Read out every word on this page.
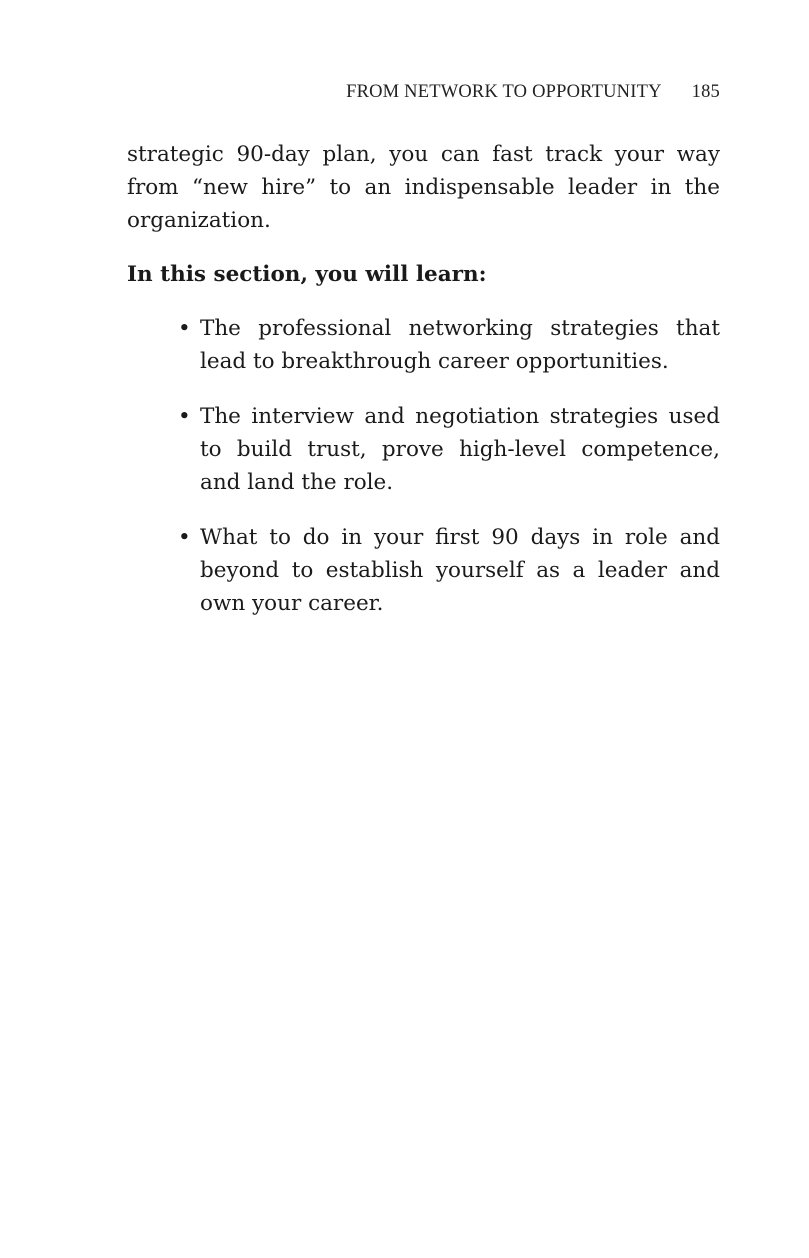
FROM NETWORK TO OPPORTUNITY 185

strategic 90-day plan, you can fast track your way from “new hire” to an indispensable leader in the organization.

In this section, you will learn:

• The professional networking strategies that lead to breakthrough career opportunities.
• The interview and negotiation strategies used to build trust, prove high-level competence, and land the role.
• What to do in your first 90 days in role and beyond to establish yourself as a leader and own your career.
